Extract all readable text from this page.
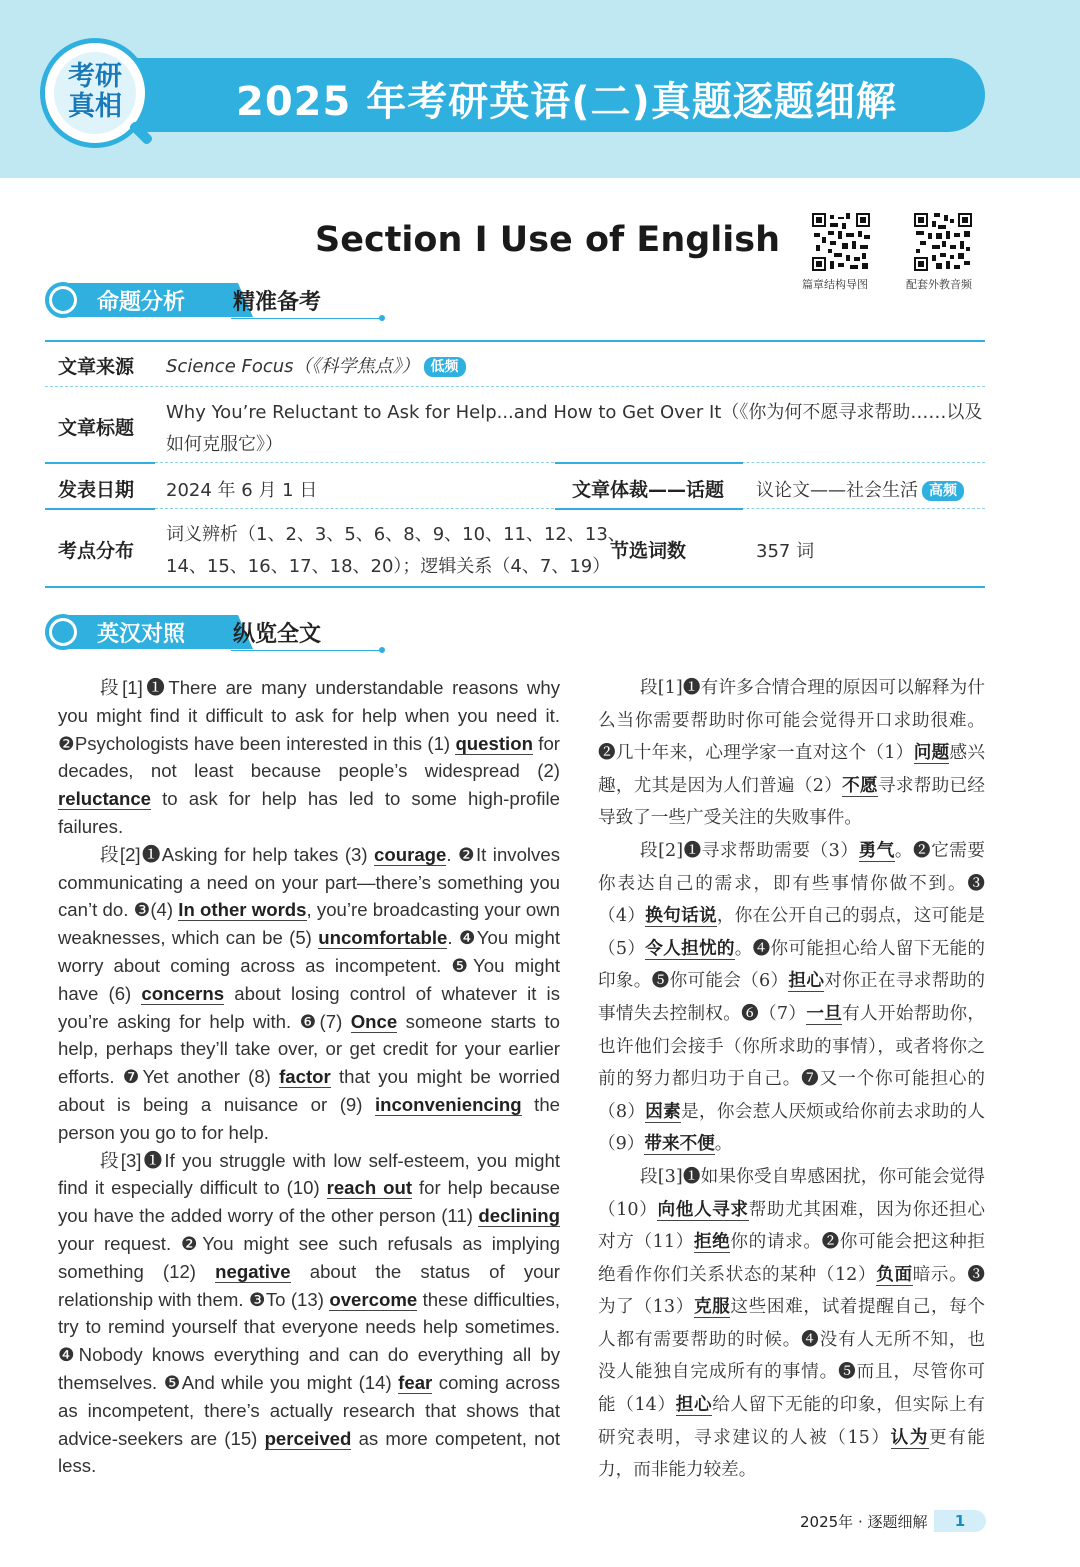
2025 年考研英语(二)真题逐题细解
考研真相
Section Ⅰ Use of English
篇章结构导图	配套外教音频
命题分析 精准备考
文章来源 Science Focus（《科学焦点》） 低频
文章标题
Why You’re Reluctant to Ask for Help...and How to Get Over It（《你为何不愿寻求帮助……以及
如何克服它》）
发表日期 2024 年 6 月 1 日	文章体裁——话题 议论文——社会生活 高频
考点分布
词义辨析（1、2、3、5、6、8、9、10、11、12、13、
14、15、16、17、18、20）；逻辑关系（4、7、19）
节选词数	357 词
英汉对照 纵览全文

段[1]❶There are many understandable reasons why you might find it difficult to ask for help when you need it. ❷Psychologists have been interested in this (1) question for decades, not least because people’s widespread (2) reluctance to ask for help has led to some high-profile failures.

段[2]❶Asking for help takes (3) courage. ❷It involves communicating a need on your part—there’s something you can’t do. ❸(4) In other words, you’re broadcasting your own weaknesses, which can be (5) uncomfortable. ❹You might worry about coming across as incompetent. ❺You might have (6) concerns about losing control of whatever it is you’re asking for help with. ❻(7) Once someone starts to help, perhaps they’ll take over, or get credit for your earlier efforts. ❼Yet another (8) factor that you might be worried about is being a nuisance or (9) inconveniencing the person you go to for help.

段[3]❶If you struggle with low self-esteem, you might find it especially difficult to (10) reach out for help because you have the added worry of the other person (11) declining your request. ❷You might see such refusals as implying something (12) negative about the status of your relationship with them. ❸To (13) overcome these difficulties, try to remind yourself that everyone needs help sometimes. ❹Nobody knows everything and can do everything all by themselves. ❺And while you might (14) fear coming across as incompetent, there’s actually research that shows that advice-seekers are (15) perceived as more competent, not less.

段[1]❶有许多合情合理的原因可以解释为什么当你需要帮助时你可能会觉得开口求助很难。❷几十年来，心理学家一直对这个（1）问题感兴趣，尤其是因为人们普遍（2）不愿寻求帮助已经导致了一些广受关注的失败事件。

段[2]❶寻求帮助需要（3）勇气。❷它需要你表达自己的需求，即有些事情你做不到。❸（4）换句话说，你在公开自己的弱点，这可能是（5）令人担忧的。❹你可能担心给人留下无能的印象。❺你可能会（6）担心对你正在寻求帮助的事情失去控制权。❻（7）一旦有人开始帮助你，也许他们会接手（你所求助的事情），或者将你之前的努力都归功于自己。❼又一个你可能担心的（8）因素是，你会惹人厌烦或给你前去求助的人（9）带来不便。

段[3]❶如果你受自卑感困扰，你可能会觉得（10）向他人寻求帮助尤其困难，因为你还担心对方（11）拒绝你的请求。❷你可能会把这种拒绝看作你们关系状态的某种（12）负面暗示。❸为了（13）克服这些困难，试着提醒自己，每个人都有需要帮助的时候。❹没有人无所不知，也没人能独自完成所有的事情。❺而且，尽管你可能（14）担心给人留下无能的印象，但实际上有研究表明，寻求建议的人被（15）认为更有能力，而非能力较差。

2025年 · 逐题细解	1
